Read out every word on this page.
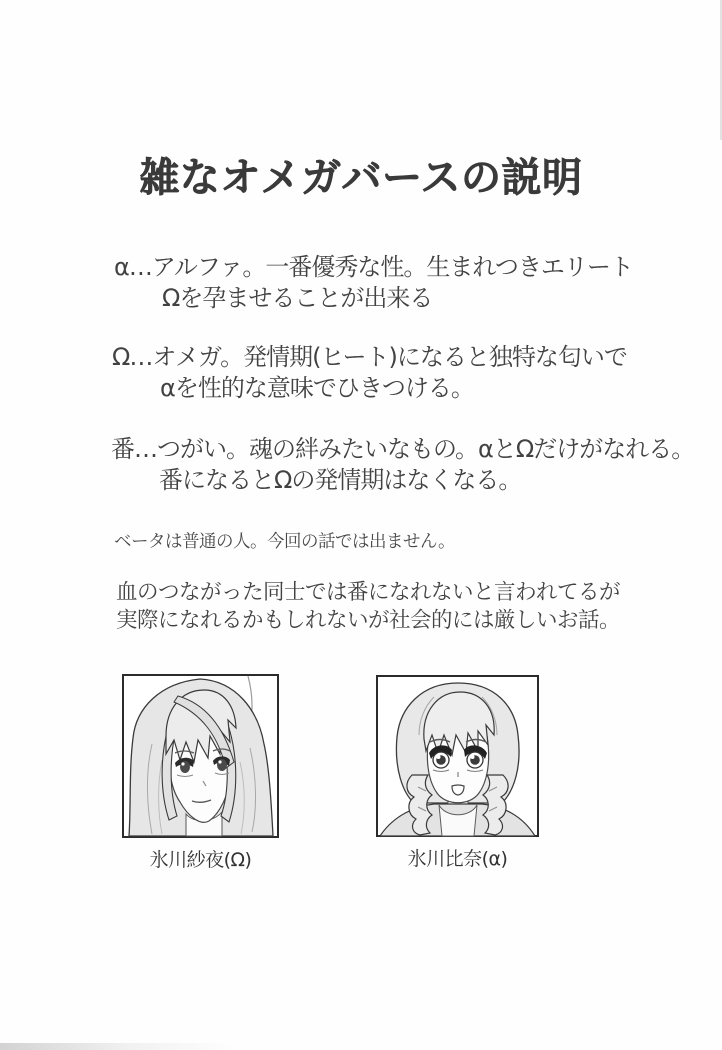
雑なオメガバースの説明
α…アルファ。一番優秀な性。生まれつきエリート
Ωを孕ませることが出来る
Ω…オメガ。発情期(ヒート)になると独特な匂いで
αを性的な意味でひきつける。
番…つがい。魂の絆みたいなもの。αとΩだけがなれる。
番になるとΩの発情期はなくなる。
ベータは普通の人。今回の話では出ません。
血のつながった同士では番になれないと言われてるが
実際になれるかもしれないが社会的には厳しいお話。
氷川紗夜(Ω)	氷川比奈(α)
